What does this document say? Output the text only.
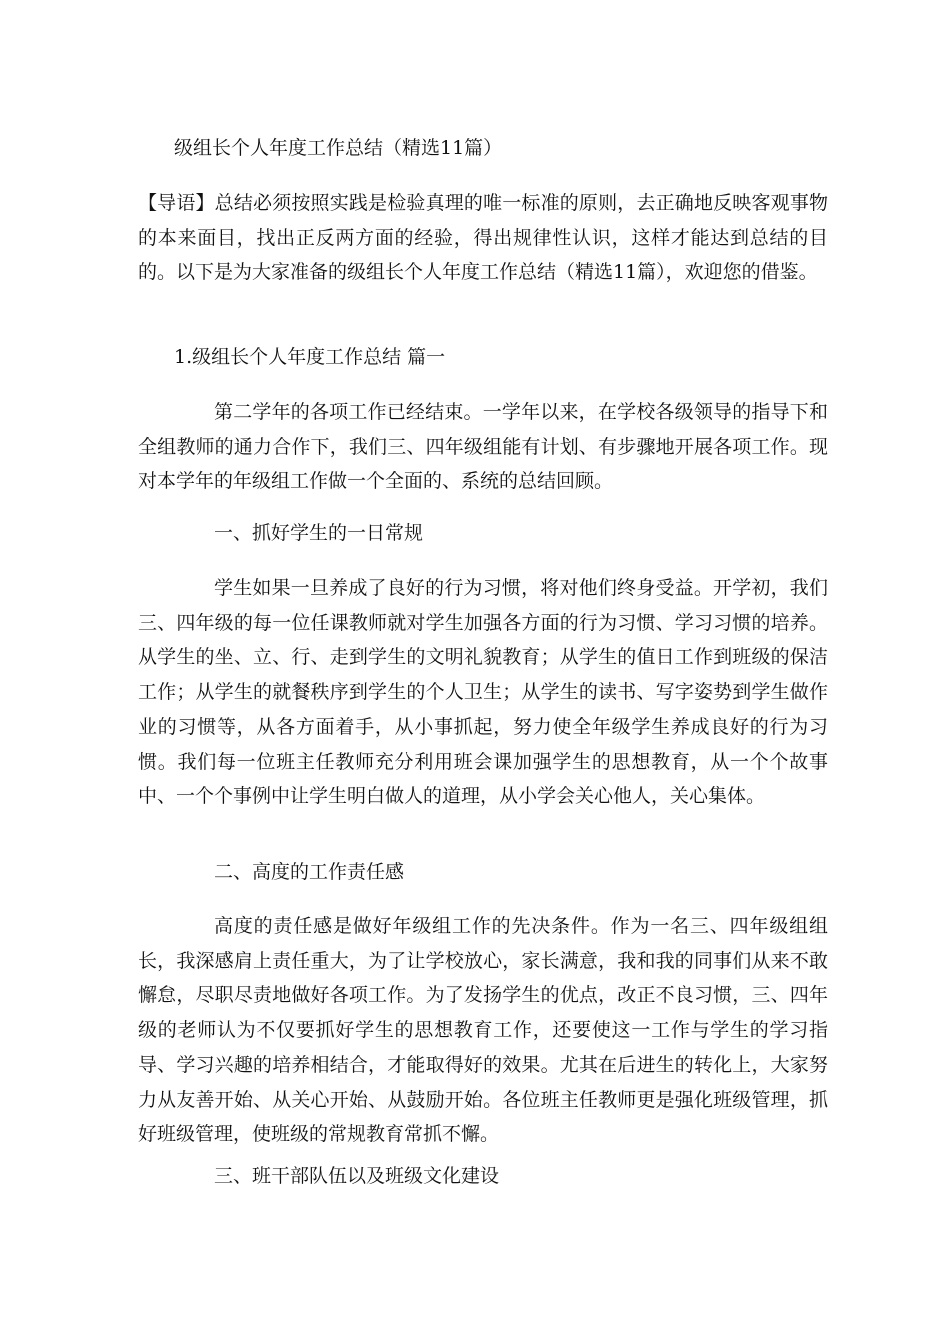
级组长个人年度工作总结（精选11篇）

【导语】总结必须按照实践是检验真理的唯一标准的原则，去正确地反映客观事物的本来面目，找出正反两方面的经验，得出规律性认识，这样才能达到总结的目的。以下是为大家准备的级组长个人年度工作总结（精选11篇），欢迎您的借鉴。

1.级组长个人年度工作总结 篇一

第二学年的各项工作已经结束。一学年以来，在学校各级领导的指导下和全组教师的通力合作下，我们三、四年级组能有计划、有步骤地开展各项工作。现对本学年的年级组工作做一个全面的、系统的总结回顾。

一、抓好学生的一日常规

学生如果一旦养成了良好的行为习惯，将对他们终身受益。开学初，我们三、四年级的每一位任课教师就对学生加强各方面的行为习惯、学习习惯的培养。从学生的坐、立、行、走到学生的文明礼貌教育；从学生的值日工作到班级的保洁工作；从学生的就餐秩序到学生的个人卫生；从学生的读书、写字姿势到学生做作业的习惯等，从各方面着手，从小事抓起，努力使全年级学生养成良好的行为习惯。我们每一位班主任教师充分利用班会课加强学生的思想教育，从一个个故事中、一个个事例中让学生明白做人的道理，从小学会关心他人，关心集体。

二、高度的工作责任感

高度的责任感是做好年级组工作的先决条件。作为一名三、四年级组组长，我深感肩上责任重大，为了让学校放心，家长满意，我和我的同事们从来不敢懈怠，尽职尽责地做好各项工作。为了发扬学生的优点，改正不良习惯，三、四年级的老师认为不仅要抓好学生的思想教育工作，还要使这一工作与学生的学习指导、学习兴趣的培养相结合，才能取得好的效果。尤其在后进生的转化上，大家努力从友善开始、从关心开始、从鼓励开始。各位班主任教师更是强化班级管理，抓好班级管理，使班级的常规教育常抓不懈。

三、班干部队伍以及班级文化建设
